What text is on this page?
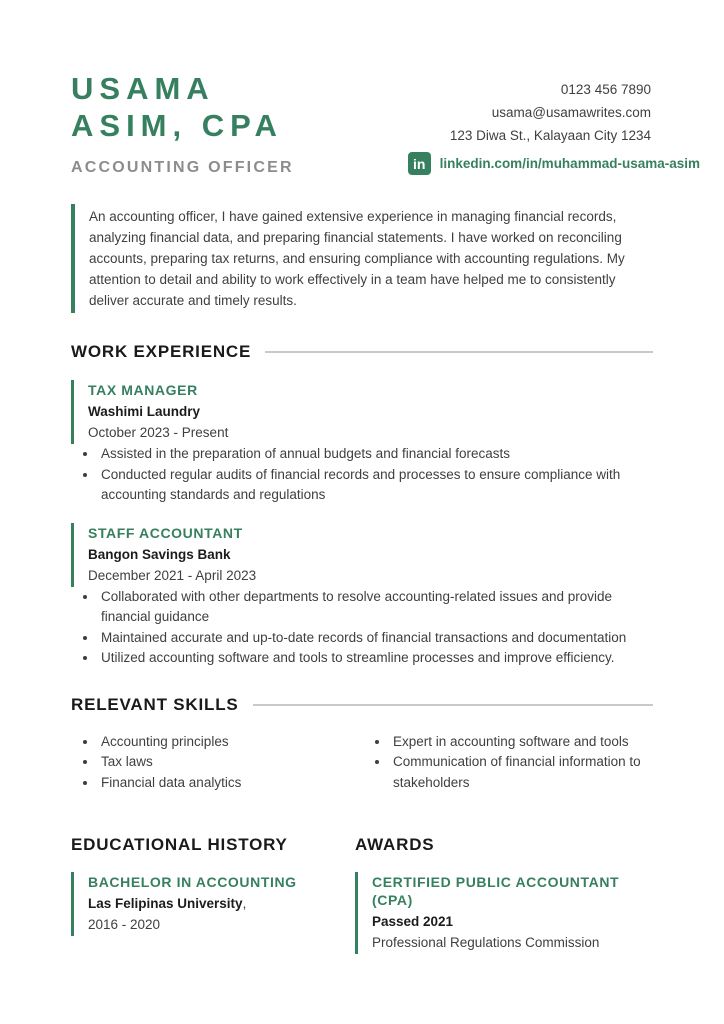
USAMA
ASIM, CPA
ACCOUNTING OFFICER
0123 456 7890
usama@usamawrites.com
123 Diwa St., Kalayaan City 1234
in	linkedin.com/in/muhammad-usama-asim

An accounting officer, I have gained extensive experience in managing financial records, analyzing financial data, and preparing financial statements. I have worked on reconciling accounts, preparing tax returns, and ensuring compliance with accounting regulations. My attention to detail and ability to work effectively in a team have helped me to consistently deliver accurate and timely results.

WORK EXPERIENCE
TAX MANAGER
Washimi Laundry
October 2023 - Present
• Assisted in the preparation of annual budgets and financial forecasts
• Conducted regular audits of financial records and processes to ensure compliance with accounting standards and regulations
STAFF ACCOUNTANT
Bangon Savings Bank
December 2021 - April 2023
• Collaborated with other departments to resolve accounting-related issues and provide financial guidance
• Maintained accurate and up-to-date records of financial transactions and documentation
• Utilized accounting software and tools to streamline processes and improve efficiency.
RELEVANT SKILLS
• Accounting principles
• Tax laws
• Financial data analytics
• Expert in accounting software and tools
• Communication of financial information to stakeholders
EDUCATIONAL HISTORY
BACHELOR IN ACCOUNTING
Las Felipinas University,
2016 - 2020
AWARDS
CERTIFIED PUBLIC ACCOUNTANT (CPA)
Passed 2021
Professional Regulations Commission
